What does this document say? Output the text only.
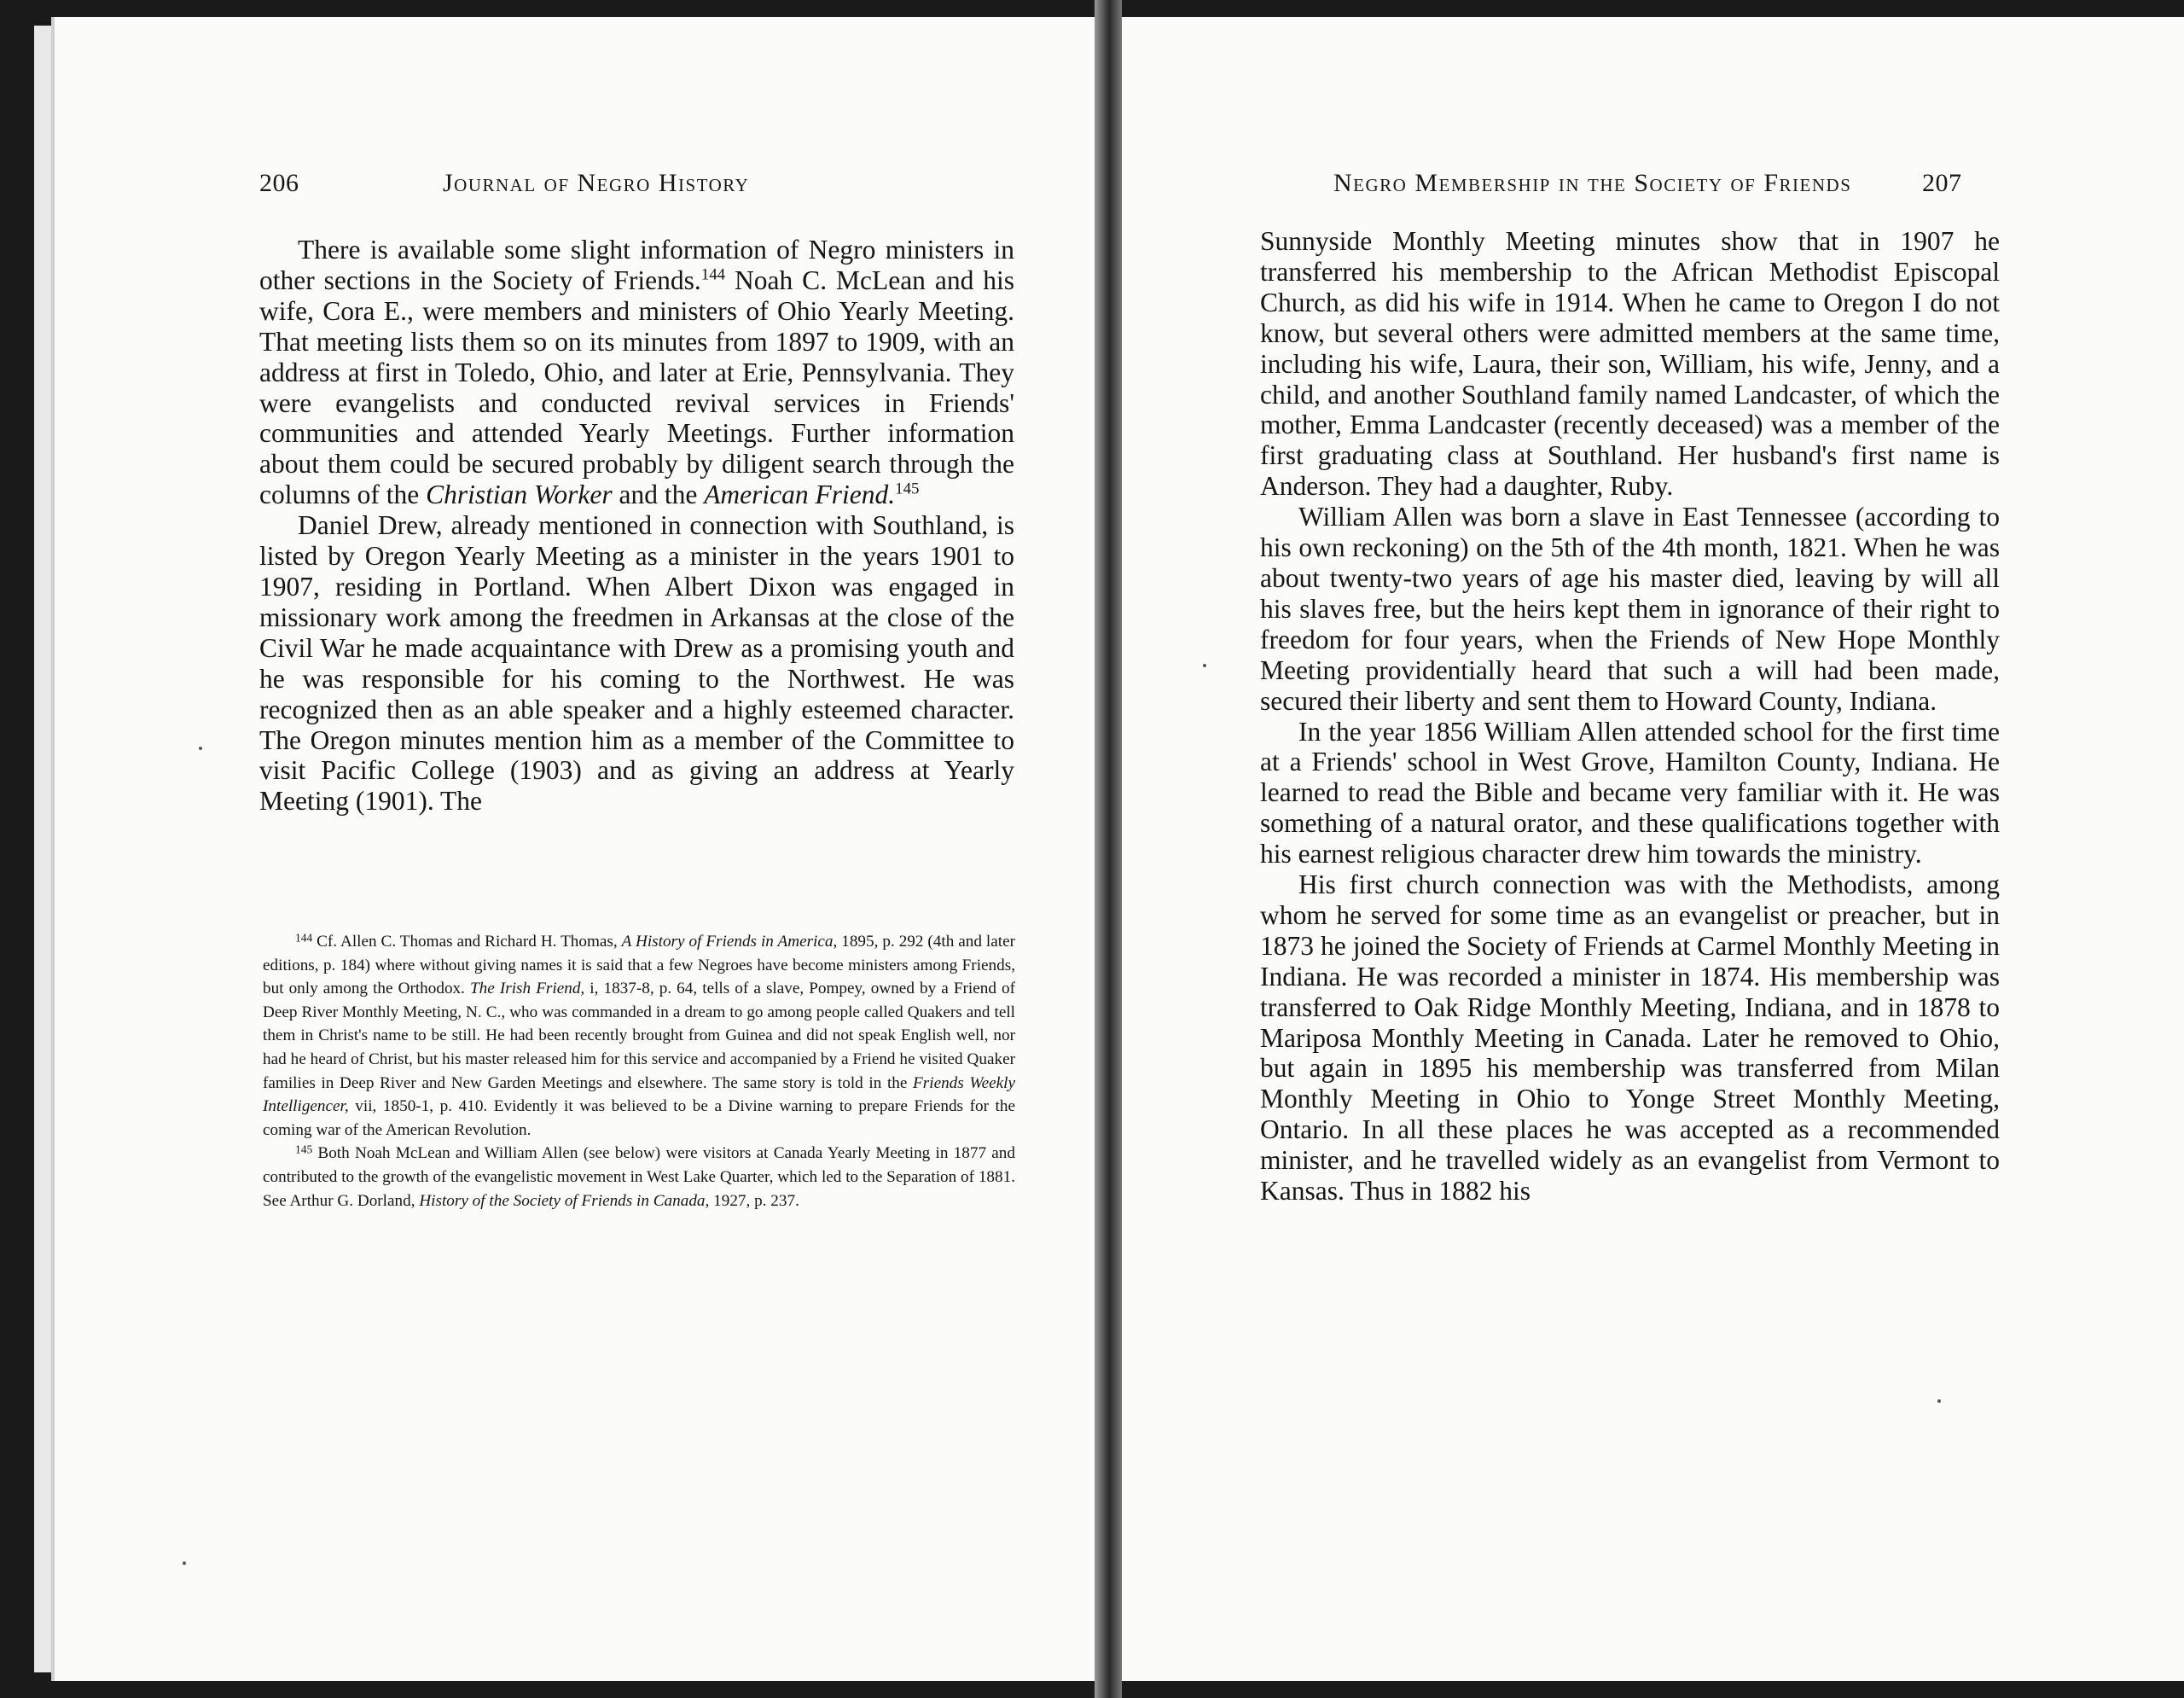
206	Journal of Negro History

There is available some slight information of Negro ministers in other sections in the Society of Friends.$^{144}$ Noah C. McLean and his wife, Cora E., were members and ministers of Ohio Yearly Meeting. That meeting lists them so on its minutes from 1897 to 1909, with an address at first in Toledo, Ohio, and later at Erie, Pennsylvania. They were evangelists and conducted revival services in Friends' communities and attended Yearly Meetings. Further information about them could be secured probably by diligent search through the columns of the Christian Worker and the American Friend.$^{145}$

Daniel Drew, already mentioned in connection with Southland, is listed by Oregon Yearly Meeting as a minister in the years 1901 to 1907, residing in Portland. When Albert Dixon was engaged in missionary work among the freedmen in Arkansas at the close of the Civil War he made acquaintance with Drew as a promising youth and he was responsible for his coming to the Northwest. He was recognized then as an able speaker and a highly esteemed character. The Oregon minutes mention him as a member of the Committee to visit Pacific College (1903) and as giving an address at Yearly Meeting (1901). The

$^{144}$ Cf. Allen C. Thomas and Richard H. Thomas, A History of Friends in America, 1895, p. 292 (4th and later editions, p. 184) where without giving names it is said that a few Negroes have become ministers among Friends, but only among the Orthodox. The Irish Friend, i, 1837-8, p. 64, tells of a slave, Pompey, owned by a Friend of Deep River Monthly Meeting, N. C., who was commanded in a dream to go among people called Quakers and tell them in Christ's name to be still. He had been recently brought from Guinea and did not speak English well, nor had he heard of Christ, but his master released him for this service and accompanied by a Friend he visited Quaker families in Deep River and New Garden Meetings and elsewhere. The same story is told in the Friends Weekly Intelligencer, vii, 1850-1, p. 410. Evidently it was believed to be a Divine warning to prepare Friends for the coming war of the American Revolution.

$^{145}$ Both Noah McLean and William Allen (see below) were visitors at Canada Yearly Meeting in 1877 and contributed to the growth of the evangelistic movement in West Lake Quarter, which led to the Separation of 1881. See Arthur G. Dorland, History of the Society of Friends in Canada, 1927, p. 237.

Negro Membership in the Society of Friends	207

Sunnyside Monthly Meeting minutes show that in 1907 he transferred his membership to the African Methodist Episcopal Church, as did his wife in 1914. When he came to Oregon I do not know, but several others were admitted members at the same time, including his wife, Laura, their son, William, his wife, Jenny, and a child, and another Southland family named Landcaster, of which the mother, Emma Landcaster (recently deceased) was a member of the first graduating class at Southland. Her husband's first name is Anderson. They had a daughter, Ruby.

William Allen was born a slave in East Tennessee (according to his own reckoning) on the 5th of the 4th month, 1821. When he was about twenty-two years of age his master died, leaving by will all his slaves free, but the heirs kept them in ignorance of their right to freedom for four years, when the Friends of New Hope Monthly Meeting providentially heard that such a will had been made, secured their liberty and sent them to Howard County, Indiana.

In the year 1856 William Allen attended school for the first time at a Friends' school in West Grove, Hamilton County, Indiana. He learned to read the Bible and became very familiar with it. He was something of a natural orator, and these qualifications together with his earnest religious character drew him towards the ministry.

His first church connection was with the Methodists, among whom he served for some time as an evangelist or preacher, but in 1873 he joined the Society of Friends at Carmel Monthly Meeting in Indiana. He was recorded a minister in 1874. His membership was transferred to Oak Ridge Monthly Meeting, Indiana, and in 1878 to Mariposa Monthly Meeting in Canada. Later he removed to Ohio, but again in 1895 his membership was transferred from Milan Monthly Meeting in Ohio to Yonge Street Monthly Meeting, Ontario. In all these places he was accepted as a recommended minister, and he travelled widely as an evangelist from Vermont to Kansas. Thus in 1882 his
